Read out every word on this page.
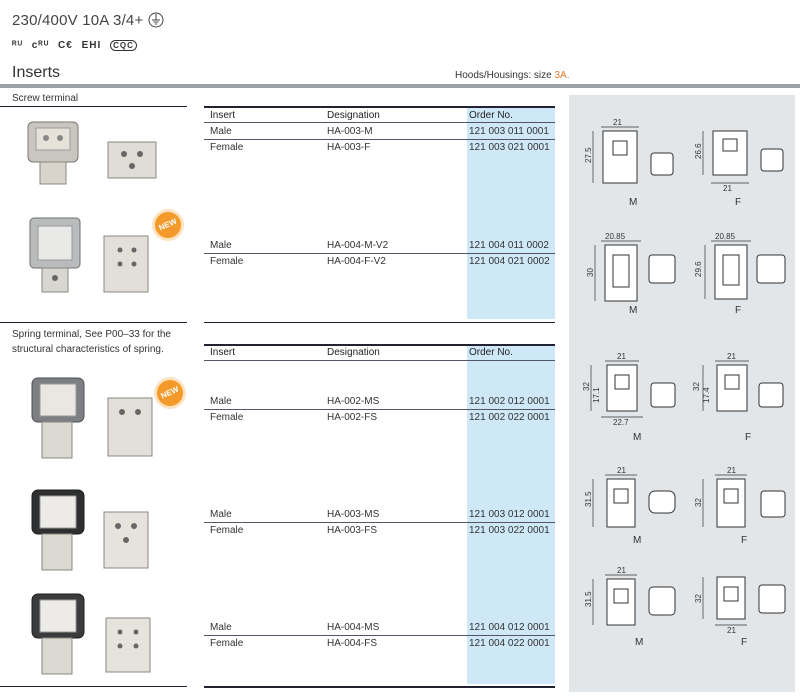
230/400V 10A 3/4+
ᴿᵁ cᴿᵁ C€ EHI CQC
Inserts	Hoods/Housings: size 3A.
Screw terminal
Insert	Designation	Order No.
Male	HA-003-M	121 003 011 0001
Female	HA-003-F	121 003 021 0001
Male	HA-004-M-V2	121 004 011 0002
Female	HA-004-F-V2	121 004 021 0002
Spring terminal, See P00–33 for the
structural characteristics of spring.	Insert	Designation	Order No.
Male	HA-002-MS	121 002 012 0001
Female	HA-002-FS	121 002 022 0001
Male	HA-003-MS	121 003 012 0001
Female	HA-003-FS	121 003 022 0001
Male	HA-004-MS	121 004 012 0001
Female	HA-004-FS	121 004 022 0001
NEW
NEW
21
27.5
M
26.6
21
F
20.85
30
M
20.85
29.6
F
21
32
17.1
22.7
M
21
32
17.4
F
21
31.5
M
21
32
F
21
31.5
M
32
21
F
